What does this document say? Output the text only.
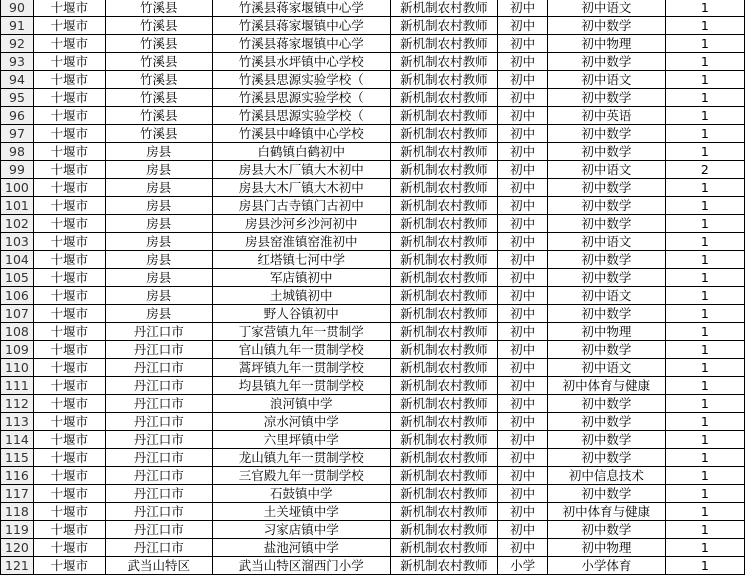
90	十堰市	竹溪县	竹溪县蒋家堰镇中心学	新机制农村教师	初中	初中语文	1
91	十堰市	竹溪县	竹溪县蒋家堰镇中心学	新机制农村教师	初中	初中数学	1
92	十堰市	竹溪县	竹溪县蒋家堰镇中心学	新机制农村教师	初中	初中物理	1
93	十堰市	竹溪县	竹溪县水坪镇中心学校	新机制农村教师	初中	初中数学	1
94	十堰市	竹溪县	竹溪县思源实验学校（	新机制农村教师	初中	初中语文	1
95	十堰市	竹溪县	竹溪县思源实验学校（	新机制农村教师	初中	初中数学	1
96	十堰市	竹溪县	竹溪县思源实验学校（	新机制农村教师	初中	初中英语	1
97	十堰市	竹溪县	竹溪县中峰镇中心学校	新机制农村教师	初中	初中数学	1
98	十堰市	房县	白鹤镇白鹤初中	新机制农村教师	初中	初中数学	1
99	十堰市	房县	房县大木厂镇大木初中	新机制农村教师	初中	初中语文	2
100	十堰市	房县	房县大木厂镇大木初中	新机制农村教师	初中	初中数学	1
101	十堰市	房县	房县门古寺镇门古初中	新机制农村教师	初中	初中数学	1
102	十堰市	房县	房县沙河乡沙河初中	新机制农村教师	初中	初中数学	1
103	十堰市	房县	房县窑淮镇窑淮初中	新机制农村教师	初中	初中语文	1
104	十堰市	房县	红塔镇七河中学	新机制农村教师	初中	初中数学	1
105	十堰市	房县	军店镇初中	新机制农村教师	初中	初中数学	1
106	十堰市	房县	土城镇初中	新机制农村教师	初中	初中语文	1
107	十堰市	房县	野人谷镇初中	新机制农村教师	初中	初中数学	1
108	十堰市	丹江口市	丁家营镇九年一贯制学	新机制农村教师	初中	初中物理	1
109	十堰市	丹江口市	官山镇九年一贯制学校	新机制农村教师	初中	初中数学	1
110	十堰市	丹江口市	蒿坪镇九年一贯制学校	新机制农村教师	初中	初中语文	1
111	十堰市	丹江口市	均县镇九年一贯制学校	新机制农村教师	初中	初中体育与健康	1
112	十堰市	丹江口市	浪河镇中学	新机制农村教师	初中	初中数学	1
113	十堰市	丹江口市	凉水河镇中学	新机制农村教师	初中	初中数学	1
114	十堰市	丹江口市	六里坪镇中学	新机制农村教师	初中	初中数学	1
115	十堰市	丹江口市	龙山镇九年一贯制学校	新机制农村教师	初中	初中数学	1
116	十堰市	丹江口市	三官殿九年一贯制学校	新机制农村教师	初中	初中信息技术	1
117	十堰市	丹江口市	石鼓镇中学	新机制农村教师	初中	初中数学	1
118	十堰市	丹江口市	土关垭镇中学	新机制农村教师	初中	初中体育与健康	1
119	十堰市	丹江口市	习家店镇中学	新机制农村教师	初中	初中数学	1
120	十堰市	丹江口市	盐池河镇中学	新机制农村教师	初中	初中物理	1
121	十堰市	武当山特区	武当山特区溜西门小学	新机制农村教师	小学	小学体育	1
